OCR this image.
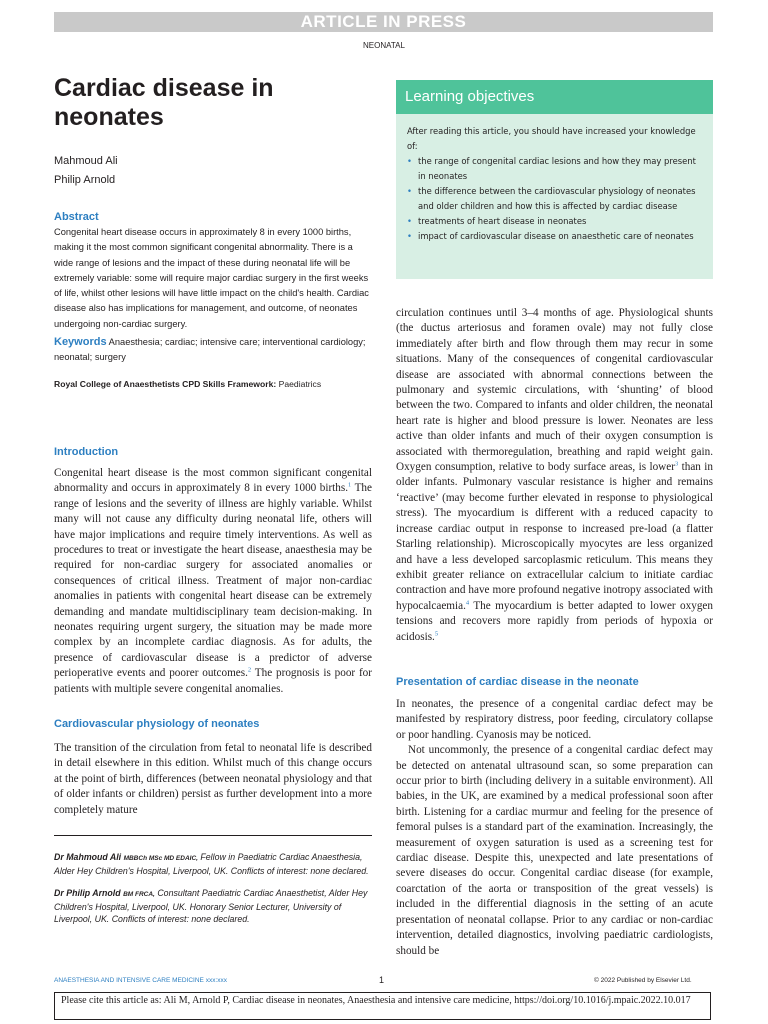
ARTICLE IN PRESS
NEONATAL
Cardiac disease in neonates
Mahmoud Ali
Philip Arnold
Abstract
Congenital heart disease occurs in approximately 8 in every 1000 births, making it the most common significant congenital abnormality. There is a wide range of lesions and the impact of these during neonatal life will be extremely variable: some will require major cardiac surgery in the first weeks of life, whilst other lesions will have little impact on the child's health. Cardiac disease also has implications for management, and outcome, of neonates undergoing non-cardiac surgery.
Keywords Anaesthesia; cardiac; intensive care; interventional cardiology; neonatal; surgery
Royal College of Anaesthetists CPD Skills Framework: Paediatrics
Introduction

Congenital heart disease is the most common significant congenital abnormality and occurs in approximately 8 in every 1000 births.$^1$ The range of lesions and the severity of illness are highly variable. Whilst many will not cause any difficulty during neonatal life, others will have major implications and require timely interventions. As well as procedures to treat or investigate the heart disease, anaesthesia may be required for non-cardiac surgery for associated anomalies or consequences of critical illness. Treatment of major non-cardiac anomalies in patients with congenital heart disease can be extremely demanding and mandate multidisciplinary team decision-making. In neonates requiring urgent surgery, the situation may be made more complex by an incomplete cardiac diagnosis. As for adults, the presence of cardiovascular disease is a predictor of adverse perioperative events and poorer outcomes.$^2$ The prognosis is poor for patients with multiple severe congenital anomalies.

Cardiovascular physiology of neonates

The transition of the circulation from fetal to neonatal life is described in detail elsewhere in this edition. Whilst much of this change occurs at the point of birth, differences (between neonatal physiology and that of older infants or children) persist as further development into a more completely mature

Dr Mahmoud Ali MBBCh MSc MD EDAIC, Fellow in Paediatric Cardiac Anaesthesia, Alder Hey Children's Hospital, Liverpool, UK. Conflicts of interest: none declared.

Dr Philip Arnold BM FRCA, Consultant Paediatric Cardiac Anaesthetist, Alder Hey Children's Hospital, Liverpool, UK. Honorary Senior Lecturer, University of Liverpool, UK. Conflicts of interest: none declared.

Learning objectives
After reading this article, you should have increased your knowledge of:
• the range of congenital cardiac lesions and how they may present in neonates
• the difference between the cardiovascular physiology of neonates and older children and how this is affected by cardiac disease
• treatments of heart disease in neonates
• impact of cardiovascular disease on anaesthetic care of neonates

circulation continues until 3–4 months of age. Physiological shunts (the ductus arteriosus and foramen ovale) may not fully close immediately after birth and flow through them may recur in some situations. Many of the consequences of congenital cardiovascular disease are associated with abnormal connections between the pulmonary and systemic circulations, with ‘shunting’ of blood between the two. Compared to infants and older children, the neonatal heart rate is higher and blood pressure is lower. Neonates are less active than older infants and much of their oxygen consumption is associated with thermoregulation, breathing and rapid weight gain. Oxygen consumption, relative to body surface areas, is lower$^3$ than in older infants. Pulmonary vascular resistance is higher and remains ‘reactive’ (may become further elevated in response to physiological stress). The myocardium is different with a reduced capacity to increase cardiac output in response to increased pre-load (a flatter Starling relationship). Microscopically myocytes are less organized and have a less developed sarcoplasmic reticulum. This means they exhibit greater reliance on extracellular calcium to initiate cardiac contraction and have more profound negative inotropy associated with hypocalcaemia.$^4$ The myocardium is better adapted to lower oxygen tensions and recovers more rapidly from periods of hypoxia or acidosis.$^5$

Presentation of cardiac disease in the neonate

In neonates, the presence of a congenital cardiac defect may be manifested by respiratory distress, poor feeding, circulatory collapse or poor handling. Cyanosis may be noticed.

Not uncommonly, the presence of a congenital cardiac defect may be detected on antenatal ultrasound scan, so some preparation can occur prior to birth (including delivery in a suitable environment). All babies, in the UK, are examined by a medical professional soon after birth. Listening for a cardiac murmur and feeling for the presence of femoral pulses is a standard part of the examination. Increasingly, the measurement of oxygen saturation is used as a screening test for cardiac disease. Despite this, unexpected and late presentations of severe diseases do occur. Congenital cardiac disease (for example, coarctation of the aorta or transposition of the great vessels) is included in the differential diagnosis in the setting of an acute presentation of neonatal collapse. Prior to any cardiac or non-cardiac intervention, detailed diagnostics, involving paediatric cardiologists, should be

ANAESTHESIA AND INTENSIVE CARE MEDICINE xxx:xxx	1	© 2022 Published by Elsevier Ltd.
Please cite this article as: Ali M, Arnold P, Cardiac disease in neonates, Anaesthesia and intensive care medicine, https://doi.org/10.1016/j.mpaic.2022.10.017
